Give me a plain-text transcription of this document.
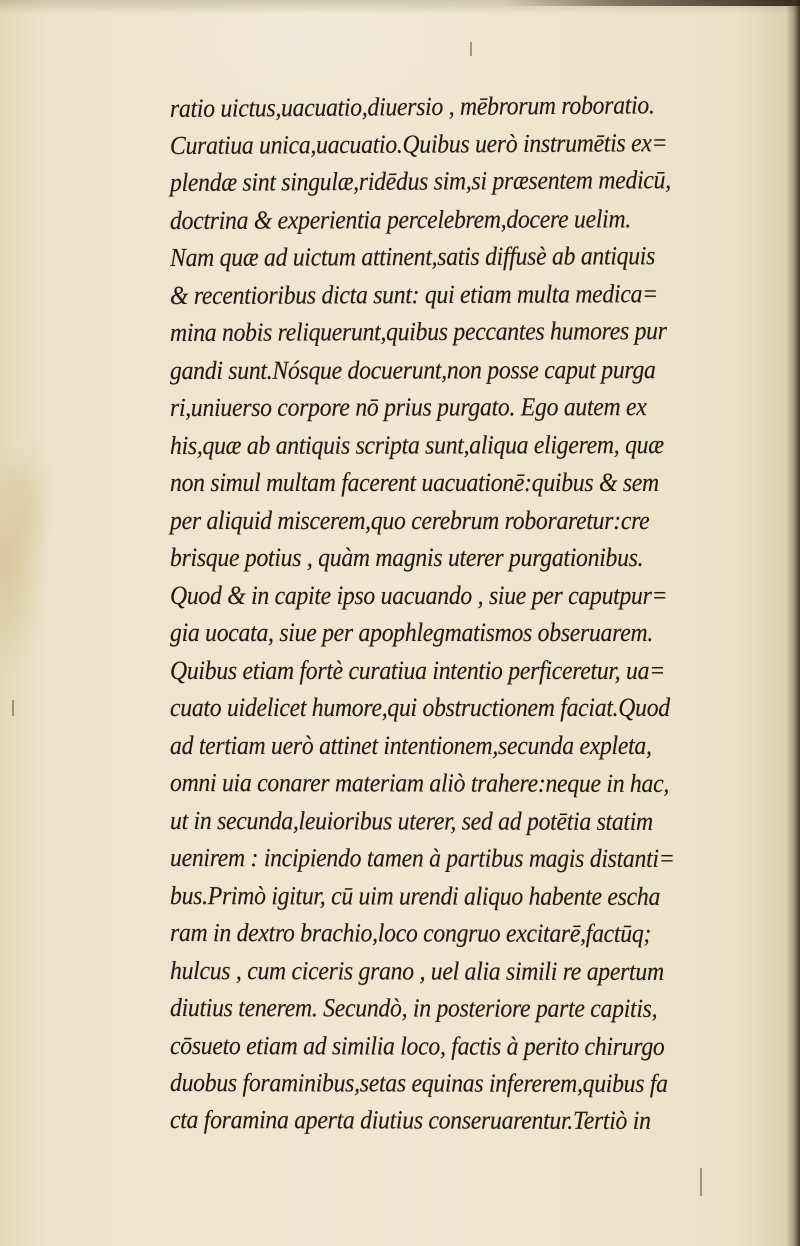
ratio uictus,uacuatio,diuersio , mēbrorum roboratio.
Curatiua unica,uacuatio.Quibus uerò instrumētis ex=
plendæ sint singulæ,ridēdus sim,si præsentem medicū,
doctrina & experientia percelebrem,docere uelim.
Nam quæ ad uictum attinent,satis diffusè ab antiquis
& recentioribus dicta sunt: qui etiam multa medica=
mina nobis reliquerunt,quibus peccantes humores pur
gandi sunt.Nósque docuerunt,non posse caput purga
ri,uniuerso corpore nō prius purgato. Ego autem ex
his,quæ ab antiquis scripta sunt,aliqua eligerem, quæ
non simul multam facerent uacuationē:quibus & sem
per aliquid miscerem,quo cerebrum roboraretur:cre
brisque potius , quàm magnis uterer purgationibus.
Quod & in capite ipso uacuando , siue per caputpur=
gia uocata, siue per apophlegmatismos obseruarem.
Quibus etiam fortè curatiua intentio perficeretur, ua=
cuato uidelicet humore,qui obstructionem faciat.Quod
ad tertiam uerò attinet intentionem,secunda expleta,
omni uia conarer materiam aliò trahere:neque in hac,
ut in secunda,leuioribus uterer, sed ad potētia statim
uenirem : incipiendo tamen à partibus magis distanti=
bus.Primò igitur, cū uim urendi aliquo habente escha
ram in dextro brachio,loco congruo excitarē,factūq;
hulcus , cum ciceris grano , uel alia simili re apertum
diutius tenerem. Secundò, in posteriore parte capitis,
cōsueto etiam ad similia loco, factis à perito chirurgo
duobus foraminibus,setas equinas infererem,quibus fa
cta foramina aperta diutius conseruarentur.Tertiò in
